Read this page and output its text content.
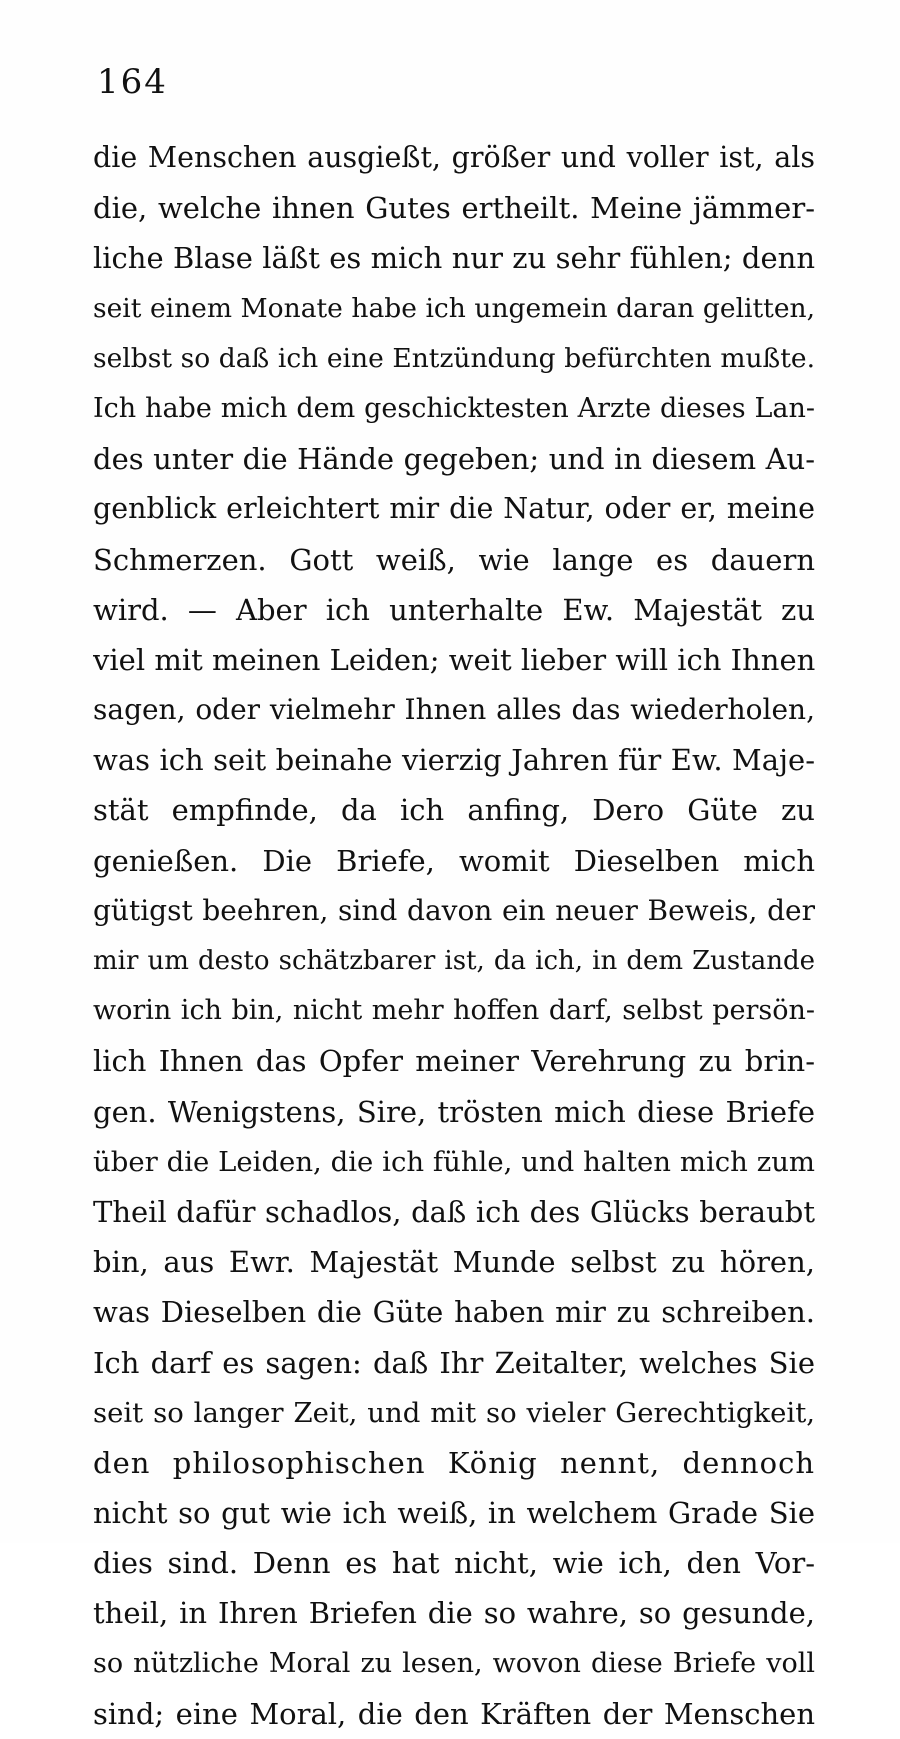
164
die Menschen ausgießt, größer und voller ist, als
die, welche ihnen Gutes ertheilt. Meine jämmer-
liche Blase läßt es mich nur zu sehr fühlen; denn
seit einem Monate habe ich ungemein daran gelitten,
selbst so daß ich eine Entzündung befürchten mußte.
Ich habe mich dem geschicktesten Arzte dieses Lan-
des unter die Hände gegeben; und in diesem Au-
genblick erleichtert mir die Natur, oder er, meine
Schmerzen. Gott weiß, wie lange es dauern
wird. — Aber ich unterhalte Ew. Majestät zu
viel mit meinen Leiden; weit lieber will ich Ihnen
sagen, oder vielmehr Ihnen alles das wiederholen,
was ich seit beinahe vierzig Jahren für Ew. Maje-
stät empfinde, da ich anfing, Dero Güte zu
genießen. Die Briefe, womit Dieselben mich
gütigst beehren, sind davon ein neuer Beweis, der
mir um desto schätzbarer ist, da ich, in dem Zustande
worin ich bin, nicht mehr hoffen darf, selbst persön-
lich Ihnen das Opfer meiner Verehrung zu brin-
gen. Wenigstens, Sire, trösten mich diese Briefe
über die Leiden, die ich fühle, und halten mich zum
Theil dafür schadlos, daß ich des Glücks beraubt
bin, aus Ewr. Majestät Munde selbst zu hören,
was Dieselben die Güte haben mir zu schreiben.
Ich darf es sagen: daß Ihr Zeitalter, welches Sie
seit so langer Zeit, und mit so vieler Gerechtigkeit,
den philosophischen König nennt, dennoch
nicht so gut wie ich weiß, in welchem Grade Sie
dies sind. Denn es hat nicht, wie ich, den Vor-
theil, in Ihren Briefen die so wahre, so gesunde,
so nützliche Moral zu lesen, wovon diese Briefe voll
sind; eine Moral, die den Kräften der Menschen
